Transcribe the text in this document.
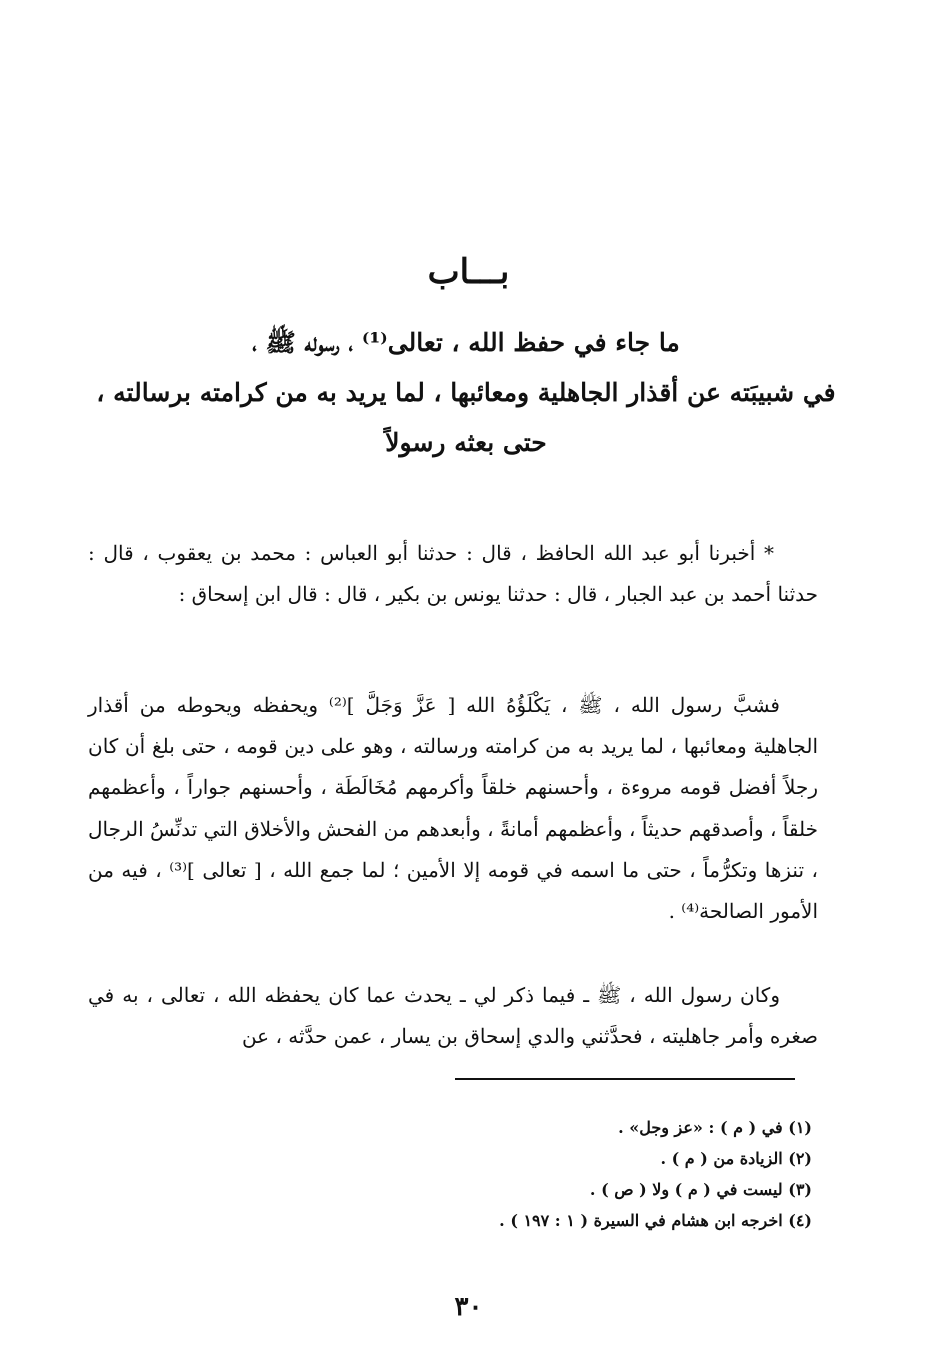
بـــاب
ما جاء في حفظ الله ، تعالى⁽¹⁾ ، رسوله ﷺ ،
في شبيبَته عن أقذار الجاهلية ومعائبها ، لما يريد به من كرامته برسالته ،
حتى بعثه رسولاً
* أخبرنا أبو عبد الله الحافظ ، قال : حدثنا أبو العباس : محمد بن يعقوب ، قال : حدثنا أحمد بن عبد الجبار ، قال : حدثنا يونس بن بكير ، قال : قال ابن إسحاق :
فشبَّ رسول الله ، ﷺ ، يَكْلَؤُهُ الله [ عَزَّ وَجَلَّ ]⁽²⁾ ويحفظه ويحوطه من أقذار الجاهلية ومعائبها ، لما يريد به من كرامته ورسالته ، وهو على دين قومه ، حتى بلغ أن كان رجلاً أفضل قومه مروءة ، وأحسنهم خلقاً وأكرمهم مُخَالَطَة ، وأحسنهم جواراً ، وأعظمهم خلقاً ، وأصدقهم حديثاً ، وأعظمهم أمانةً ، وأبعدهم من الفحش والأخلاق التي تدنِّسُ الرجال ، تنزها وتكرُّماً ، حتى ما اسمه في قومه إلا الأمين ؛ لما جمع الله ، [ تعالى ]⁽³⁾ ، فيه من الأمور الصالحة⁽⁴⁾ .
وكان رسول الله ، ﷺ ـ فيما ذكر لي ـ يحدث عما كان يحفظه الله ، تعالى ، به في صغره وأمر جاهليته ، فحدَّثني والدي إسحاق بن يسار ، عمن حدَّثه ، عن
(١) في ( م ) : «عز وجل» .
(٢) الزيادة من ( م ) .
(٣) ليست في ( م ) ولا ( ص ) .
(٤) اخرجه ابن هشام في السيرة ( ١ : ١٩٧ ) .
٣٠
